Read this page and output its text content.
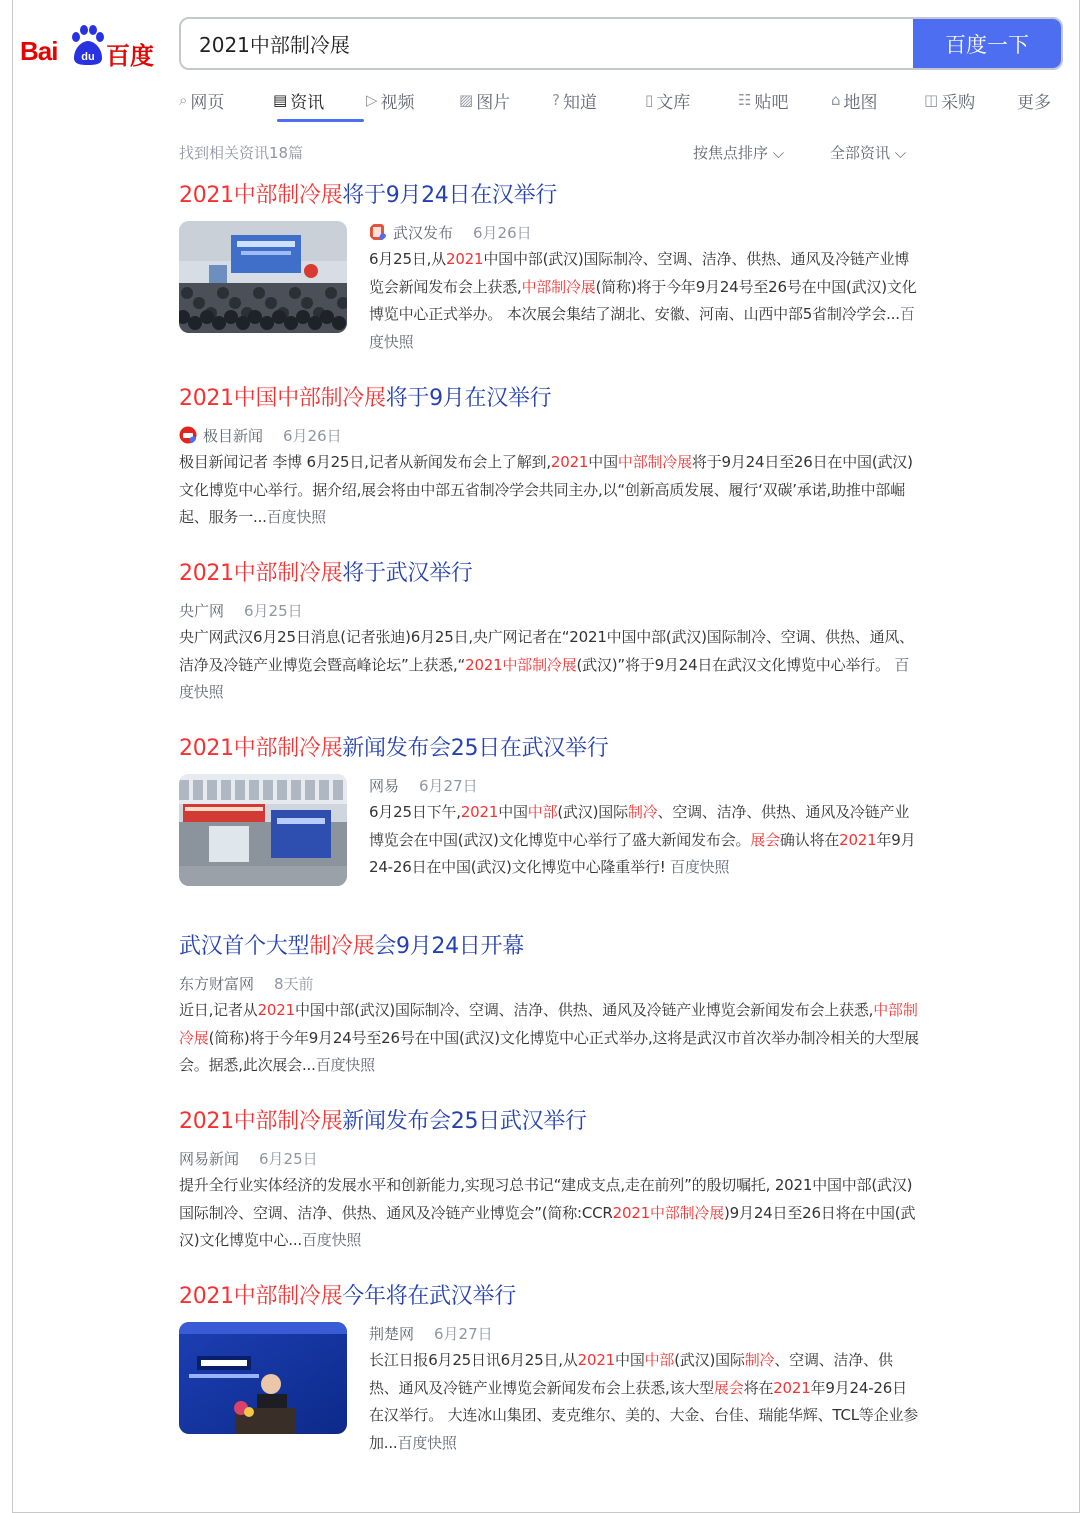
Bai du 百度
2021中部制冷展	百度一下
⌕ 网页	▤ 资讯	▷ 视频	▨ 图片	? 知道	▯ 文库	☷ 贴吧	⌂ 地图	◫ 采购 更多
找到相关资讯18篇	按焦点排序 ⌵	全部资讯 ⌵
2021中部制冷展将于9月24日在汉举行
武汉发布 6月26日
6月25日,从2021中国中部(武汉)国际制冷、空调、洁净、供热、通风及冷链产业博览会新闻发布会上获悉,中部制冷展(简称)将于今年9月24号至26号在中国(武汉)文化博览中心正式举办。 本次展会集结了湖北、安徽、河南、山西中部5省制冷学会...百度快照
2021中国中部制冷展将于9月在汉举行
极目新闻 6月26日
极目新闻记者 李博 6月25日,记者从新闻发布会上了解到,2021中国中部制冷展将于9月24日至26日在中国(武汉)文化博览中心举行。据介绍,展会将由中部五省制冷学会共同主办,以“创新高质发展、履行‘双碳’承诺,助推中部崛起、服务一...百度快照
2021中部制冷展将于武汉举行
央广网 6月25日
央广网武汉6月25日消息(记者张迪)6月25日,央广网记者在“2021中国中部(武汉)国际制冷、空调、供热、通风、洁净及冷链产业博览会暨高峰论坛”上获悉,“2021中部制冷展(武汉)”将于9月24日在武汉文化博览中心举行。 百度快照
2021中部制冷展新闻发布会25日在武汉举行
网易 6月27日
6月25日下午,2021中国中部(武汉)国际制冷、空调、洁净、供热、通风及冷链产业博览会在中国(武汉)文化博览中心举行了盛大新闻发布会。展会确认将在2021年9月24-26日在中国(武汉)文化博览中心隆重举行! 百度快照
武汉首个大型制冷展会9月24日开幕
东方财富网 8天前
近日,记者从2021中国中部(武汉)国际制冷、空调、洁净、供热、通风及冷链产业博览会新闻发布会上获悉,中部制冷展(简称)将于今年9月24号至26号在中国(武汉)文化博览中心正式举办,这将是武汉市首次举办制冷相关的大型展会。据悉,此次展会...百度快照
2021中部制冷展新闻发布会25日武汉举行
网易新闻 6月25日
提升全行业实体经济的发展水平和创新能力,实现习总书记“建成支点,走在前列”的殷切嘱托, 2021中国中部(武汉)国际制冷、空调、洁净、供热、通风及冷链产业博览会”(简称:CCR2021中部制冷展)9月24日至26日将在中国(武汉)文化博览中心...百度快照
2021中部制冷展今年将在武汉举行
荆楚网 6月27日
长江日报6月25日讯6月25日,从2021中国中部(武汉)国际制冷、空调、洁净、供热、通风及冷链产业博览会新闻发布会上获悉,该大型展会将在2021年9月24-26日在汉举行。 大连冰山集团、麦克维尔、美的、大金、台佳、瑞能华辉、TCL等企业参加...百度快照
